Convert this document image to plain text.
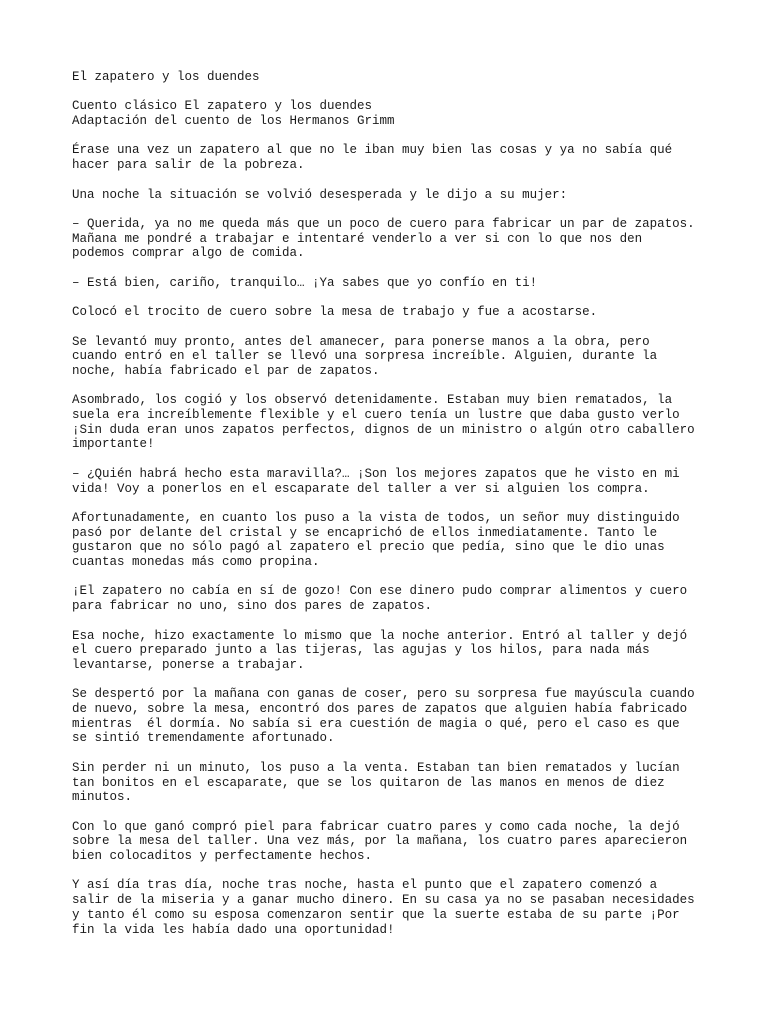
El zapatero y los duendes
Cuento clásico El zapatero y los duendes
Adaptación del cuento de los Hermanos Grimm
Érase una vez un zapatero al que no le iban muy bien las cosas y ya no sabía qué
hacer para salir de la pobreza.
Una noche la situación se volvió desesperada y le dijo a su mujer:
– Querida, ya no me queda más que un poco de cuero para fabricar un par de zapatos.
Mañana me pondré a trabajar e intentaré venderlo a ver si con lo que nos den
podemos comprar algo de comida.
– Está bien, cariño, tranquilo… ¡Ya sabes que yo confío en ti!
Colocó el trocito de cuero sobre la mesa de trabajo y fue a acostarse.
Se levantó muy pronto, antes del amanecer, para ponerse manos a la obra, pero
cuando entró en el taller se llevó una sorpresa increíble. Alguien, durante la
noche, había fabricado el par de zapatos.
Asombrado, los cogió y los observó detenidamente. Estaban muy bien rematados, la
suela era increíblemente flexible y el cuero tenía un lustre que daba gusto verlo
¡Sin duda eran unos zapatos perfectos, dignos de un ministro o algún otro caballero
importante!
– ¿Quién habrá hecho esta maravilla?… ¡Son los mejores zapatos que he visto en mi
vida! Voy a ponerlos en el escaparate del taller a ver si alguien los compra.
Afortunadamente, en cuanto los puso a la vista de todos, un señor muy distinguido
pasó por delante del cristal y se encaprichó de ellos inmediatamente. Tanto le
gustaron que no sólo pagó al zapatero el precio que pedía, sino que le dio unas
cuantas monedas más como propina.
¡El zapatero no cabía en sí de gozo! Con ese dinero pudo comprar alimentos y cuero
para fabricar no uno, sino dos pares de zapatos.
Esa noche, hizo exactamente lo mismo que la noche anterior. Entró al taller y dejó
el cuero preparado junto a las tijeras, las agujas y los hilos, para nada más
levantarse, ponerse a trabajar.
Se despertó por la mañana con ganas de coser, pero su sorpresa fue mayúscula cuando
de nuevo, sobre la mesa, encontró dos pares de zapatos que alguien había fabricado
mientras  él dormía. No sabía si era cuestión de magia o qué, pero el caso es que
se sintió tremendamente afortunado.
Sin perder ni un minuto, los puso a la venta. Estaban tan bien rematados y lucían
tan bonitos en el escaparate, que se los quitaron de las manos en menos de diez
minutos.
Con lo que ganó compró piel para fabricar cuatro pares y como cada noche, la dejó
sobre la mesa del taller. Una vez más, por la mañana, los cuatro pares aparecieron
bien colocaditos y perfectamente hechos.
Y así día tras día, noche tras noche, hasta el punto que el zapatero comenzó a
salir de la miseria y a ganar mucho dinero. En su casa ya no se pasaban necesidades
y tanto él como su esposa comenzaron sentir que la suerte estaba de su parte ¡Por
fin la vida les había dado una oportunidad!
